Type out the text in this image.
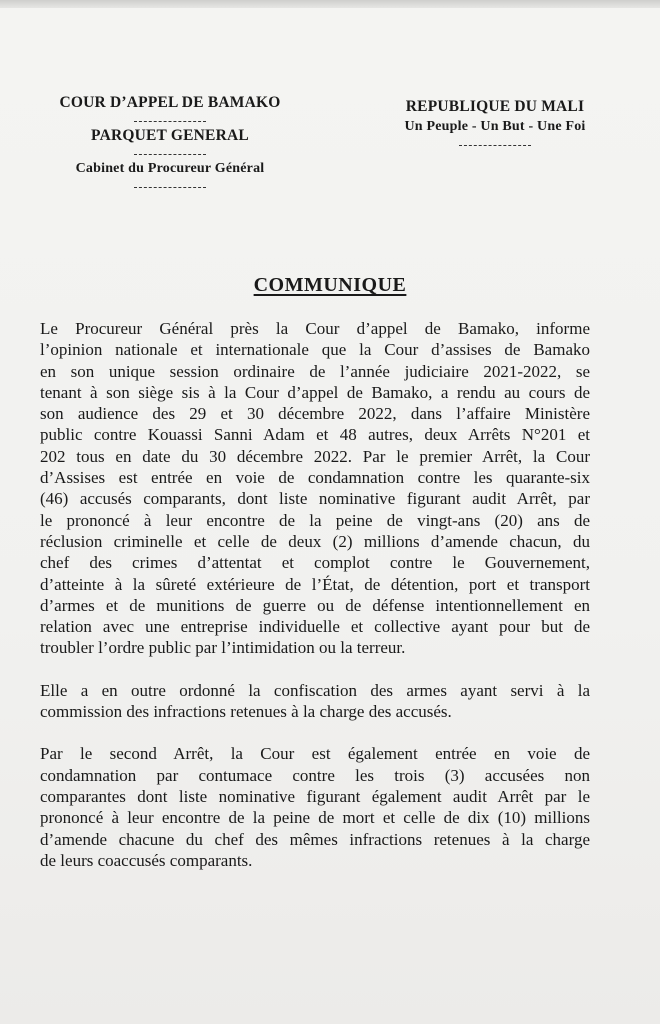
COUR D’APPEL DE BAMAKO
PARQUET GENERAL
Cabinet du Procureur Général
REPUBLIQUE DU MALI
Un Peuple - Un But - Une Foi
COMMUNIQUE

Le Procureur Général près la Cour d’appel de Bamako, informe
l’opinion nationale et internationale que la Cour d’assises de Bamako
en son unique session ordinaire de l’année judiciaire 2021-2022, se
tenant à son siège sis à la Cour d’appel de Bamako, a rendu au cours de
son audience des 29 et 30 décembre 2022, dans l’affaire Ministère
public contre Kouassi Sanni Adam et 48 autres, deux Arrêts N°201 et
202 tous en date du 30 décembre 2022. Par le premier Arrêt, la Cour
d’Assises est entrée en voie de condamnation contre les quarante-six
(46) accusés comparants, dont liste nominative figurant audit Arrêt, par
le prononcé à leur encontre de la peine de vingt-ans (20) ans de
réclusion criminelle et celle de deux (2) millions d’amende chacun, du
chef des crimes d’attentat et complot contre le Gouvernement,
d’atteinte à la sûreté extérieure de l’État, de détention, port et transport
d’armes et de munitions de guerre ou de défense intentionnellement en
relation avec une entreprise individuelle et collective ayant pour but de
troubler l’ordre public par l’intimidation ou la terreur.

Elle a en outre ordonné la confiscation des armes ayant servi à la
commission des infractions retenues à la charge des accusés.

Par le second Arrêt, la Cour est également entrée en voie de
condamnation par contumace contre les trois (3) accusées non
comparantes dont liste nominative figurant également audit Arrêt par le
prononcé à leur encontre de la peine de mort et celle de dix (10) millions
d’amende chacune du chef des mêmes infractions retenues à la charge
de leurs coaccusés comparants.
